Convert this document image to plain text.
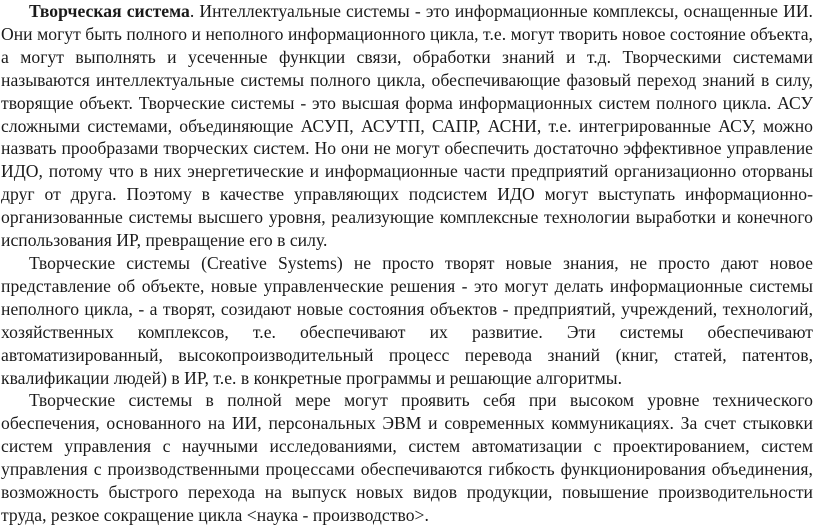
Творческая система. Интеллектуальные системы - это информационные комплексы, оснащенные ИИ. Они могут быть полного и неполного информационного цикла, т.е. могут творить новое состояние объекта, а могут выполнять и усеченные функции связи, обработки знаний и т.д. Творческими системами называются интеллектуальные системы полного цикла, обеспечивающие фазовый переход знаний в силу, творящие объект. Творческие системы - это высшая форма информационных систем полного цикла. АСУ сложными системами, объединяющие АСУП, АСУТП, САПР, АСНИ, т.е. интегрированные АСУ, можно назвать прообразами творческих систем. Но они не могут обеспечить достаточно эффективное управление ИДО, потому что в них энергетические и информационные части предприятий организационно оторваны друг от друга. Поэтому в качестве управляющих подсистем ИДО могут выступать информационно-организованные системы высшего уровня, реализующие комплексные технологии выработки и конечного использования ИР, превращение его в силу.

Творческие системы (Creative Systems) не просто творят новые знания, не просто дают новое представление об объекте, новые управленческие решения - это могут делать информационные системы неполного цикла, - а творят, созидают новые состояния объектов - предприятий, учреждений, технологий, хозяйственных комплексов, т.е. обеспечивают их развитие. Эти системы обеспечивают автоматизированный, высокопроизводительный процесс перевода знаний (книг, статей, патентов, квалификации людей) в ИР, т.е. в конкретные программы и решающие алгоритмы.

Творческие системы в полной мере могут проявить себя при высоком уровне технического обеспечения, основанного на ИИ, персональных ЭВМ и современных коммуникациях. За счет стыковки систем управления с научными исследованиями, систем автоматизации с проектированием, систем управления с производственными процессами обеспечиваются гибкость функционирования объединения, возможность быстрого перехода на выпуск новых видов продукции, повышение производительности труда, резкое сокращение цикла <наука - производство>.
